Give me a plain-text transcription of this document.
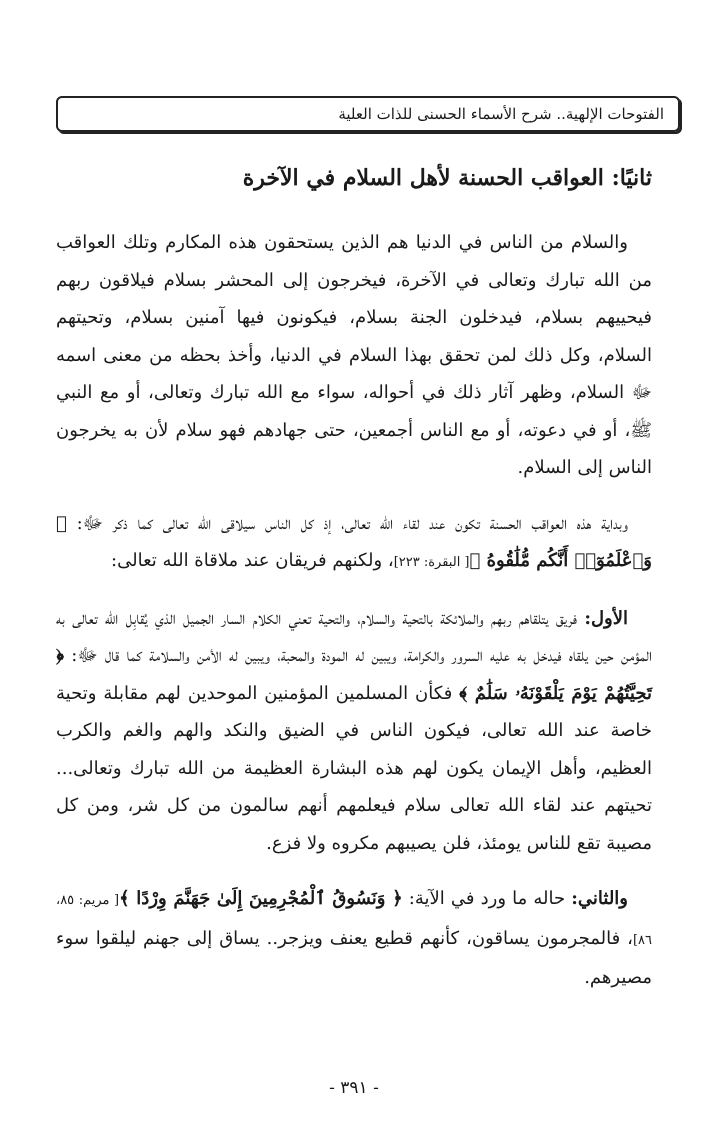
الفتوحات الإلهية.. شرح الأسماء الحسنى للذات العلية
ثانيًا: العواقب الحسنة لأهل السلام في الآخرة

والسلام من الناس في الدنيا هم الذين يستحقون هذه المكارم وتلك العواقب من الله تبارك وتعالى في الآخرة، فيخرجون إلى المحشر بسلام فيلاقون ربهم فيحييهم بسلام، فيدخلون الجنة بسلام، فيكونون فيها آمنين بسلام، وتحيتهم السلام، وكل ذلك لمن تحقق بهذا السلام في الدنيا، وأخذ بحظه من معنى اسمه ﷻ السلام، وظهر آثار ذلك في أحواله، سواء مع الله تبارك وتعالى، أو مع النبي ﷺ، أو في دعوته، أو مع الناس أجمعين، حتى جهادهم فهو سلام لأن به يخرجون الناس إلى السلام.

وبداية هذه العواقب الحسنة تكون عند لقاء الله تعالى، إذ كل الناس سيلاقى الله تعالى كما ذكر ﷻ: ﴿ وَٱعْلَمُوٓا۟ أَنَّكُم مُّلَٰقُوهُ ﴾[ البقرة: ٢٢٣]، ولكنهم فريقان عند ملاقاة الله تعالى:

الأول: فريق يتلقاهم ربهم والملائكة بالتحية والسلام، والتحية تعني الكلام السار الجميل الذي يُقابِل الله تعالى به المؤمن حين يلقاه فيدخل به عليه السرور والكرامة، ويبين له المودة والمحبة، ويبين له الأمن والسلامة كما قال ﷻ: ﴿ تَحِيَّتُهُمْ يَوْمَ يَلْقَوْنَهُۥ سَلَٰمٌ ﴾ فكأن المسلمين المؤمنين الموحدين لهم مقابلة وتحية خاصة عند الله تعالى، فيكون الناس في الضيق والنكد والهم والغم والكرب العظيم، وأهل الإيمان يكون لهم هذه البشارة العظيمة من الله تبارك وتعالى... تحيتهم عند لقاء الله تعالى سلام فيعلمهم أنهم سالمون من كل شر، ومن كل مصيبة تقع للناس يومئذ، فلن يصيبهم مكروه ولا فزع.

والثاني: حاله ما ورد في الآية: ﴿ وَنَسُوقُ ٱلْمُجْرِمِينَ إِلَىٰ جَهَنَّمَ وِرْدًا ﴾[ مريم: ٨٥، ٨٦]، فالمجرمون يساقون، كأنهم قطيع يعنف ويزجر.. يساق إلى جهنم ليلقوا سوء مصيرهم.

- ٣٩١ -
